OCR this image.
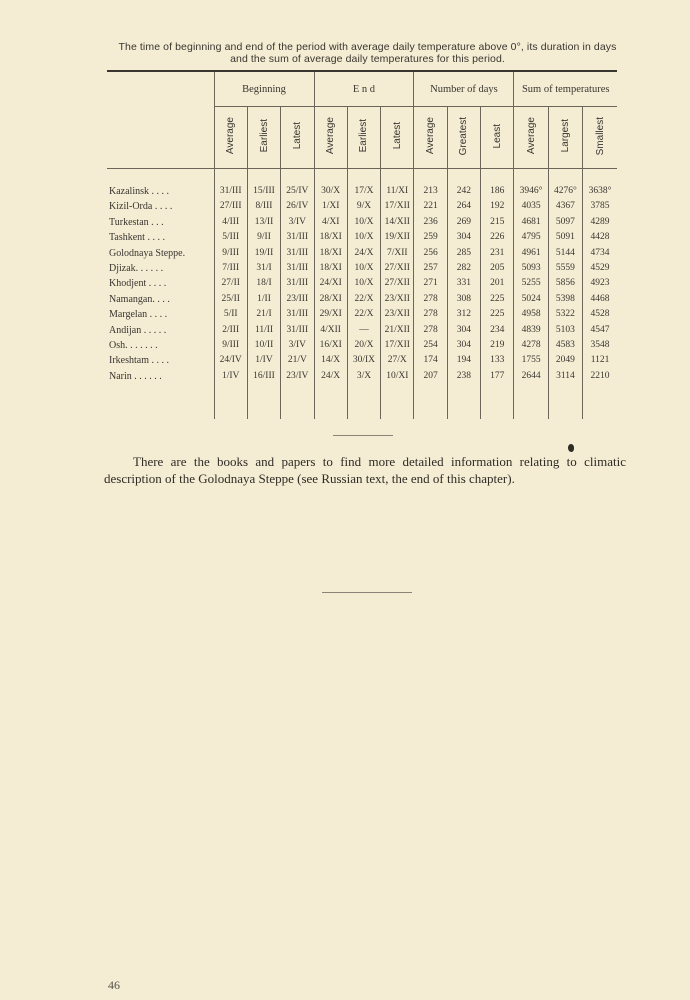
The time of beginning and end of the period with average daily temperature above 0°, its duration in days and the sum of average daily temperatures for this period.
	Beginning			E n d			Number of days			Sum of temperatures		
	Average	Earliest	Latest	Average	Earliest	Latest	Average	Greatest	Least	Average	Largest	Smallest

Kazalinsk . . . .	31/III	15/III	25/IV	30/X	17/X	11/XI	213	242	186	3946°	4276°	3638°
Kizil-Orda . . . .	27/III	8/III	26/IV	1/XI	9/X	17/XII	221	264	192	4035	4367	3785
Turkestan . . .	4/III	13/II	3/IV	4/XI	10/X	14/XII	236	269	215	4681	5097	4289
Tashkent . . . .	5/III	9/II	31/III	18/XI	10/X	19/XII	259	304	226	4795	5091	4428
Golodnaya Steppe.	9/III	19/II	31/III	18/XI	24/X	7/XII	256	285	231	4961	5144	4734
Djizak. . . . . .	7/III	31/I	31/III	18/XI	10/X	27/XII	257	282	205	5093	5559	4529
Khodjent . . . .	27/II	18/I	31/III	24/XI	10/X	27/XII	271	331	201	5255	5856	4923
Namangan. . . .	25/II	1/II	23/III	28/XI	22/X	23/XII	278	308	225	5024	5398	4468
Margelan . . . .	5/II	21/I	31/III	29/XI	22/X	23/XII	278	312	225	4958	5322	4528
Andijan . . . . .	2/III	11/II	31/III	4/XII	—	21/XII	278	304	234	4839	5103	4547
Osh. . . . . . .	9/III	10/II	3/IV	16/XI	20/X	17/XII	254	304	219	4278	4583	3548
Irkeshtam . . . .	24/IV	1/IV	21/V	14/X	30/IX	27/X	174	194	133	1755	2049	1121
Narin . . . . . .	1/IV	16/III	23/IV	24/X	3/X	10/XI	207	238	177	2644	3114	2210

There are the books and papers to find more detailed information relating to climatic description of the Golodnaya Steppe (see Russian text, the end of this chapter).
46
